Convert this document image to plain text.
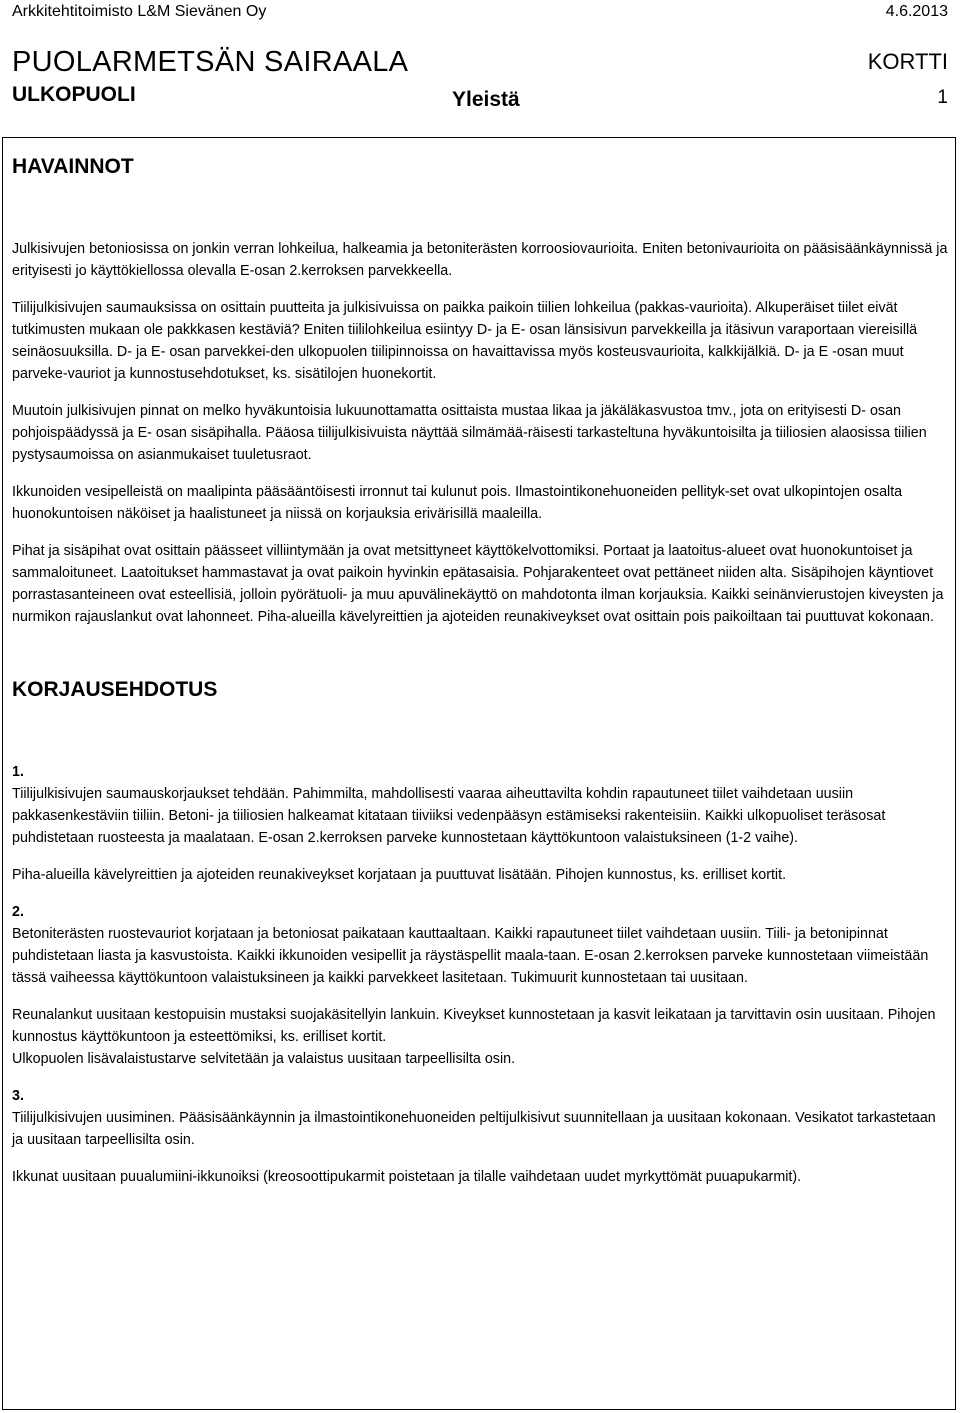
Arkkitehtitoimisto L&M Sievänen Oy	4.6.2013
PUOLARMETSÄN SAIRAALA	KORTTI
ULKOPUOLI	Yleistä	1
HAVAINNOT

Julkisivujen betoniosissa on jonkin verran lohkeilua, halkeamia ja betoniterästen korroosiovaurioita. Eniten betonivaurioita on pääsisäänkäynnissä ja erityisesti jo käyttökiellossa olevalla E-osan 2.kerroksen parvekkeella.

Tiilijulkisivujen saumauksissa on osittain puutteita ja julkisivuissa on paikka paikoin tiilien lohkeilua (pakkas-vaurioita). Alkuperäiset tiilet eivät tutkimusten mukaan ole pakkkasen kestäviä? Eniten tiililohkeilua esiintyy D- ja E- osan länsisivun parvekkeilla ja itäsivun varaportaan viereisillä seinäosuuksilla. D- ja E- osan parvekkei-den ulkopuolen tiilipinnoissa on havaittavissa myös kosteusvaurioita, kalkkijälkiä. D- ja E -osan muut parveke-vauriot ja kunnostusehdotukset, ks. sisätilojen huonekortit.

Muutoin julkisivujen pinnat on melko hyväkuntoisia lukuunottamatta osittaista mustaa likaa ja jäkäläkasvustoa tmv., jota on erityisesti D- osan pohjoispäädyssä ja E- osan sisäpihalla. Pääosa tiilijulkisivuista näyttää silmämää-räisesti tarkasteltuna hyväkuntoisilta ja tiiliosien alaosissa tiilien pystysaumoissa on asianmukaiset tuuletusraot.

Ikkunoiden vesipelleistä on maalipinta pääsääntöisesti irronnut tai kulunut pois. Ilmastointikonehuoneiden pellityk-set ovat ulkopintojen osalta huonokuntoisen näköiset ja haalistuneet ja niissä on korjauksia erivärisillä maaleilla.

Pihat ja sisäpihat ovat osittain päässeet villiintymään ja ovat metsittyneet käyttökelvottomiksi. Portaat ja laatoitus-alueet ovat huonokuntoiset ja sammaloituneet. Laatoitukset hammastavat ja ovat paikoin hyvinkin epätasaisia. Pohjarakenteet ovat pettäneet niiden alta. Sisäpihojen käyntiovet porrastasanteineen ovat esteellisiä, jolloin pyörätuoli- ja muu apuvälinekäyttö on mahdotonta ilman korjauksia. Kaikki seinänvierustojen kiveysten ja nurmikon rajauslankut ovat lahonneet. Piha-alueilla kävelyreittien ja ajoteiden reunakiveykset ovat osittain pois paikoiltaan tai puuttuvat kokonaan.

KORJAUSEHDOTUS

1.

Tiilijulkisivujen saumauskorjaukset tehdään. Pahimmilta, mahdollisesti vaaraa aiheuttavilta kohdin rapautuneet tiilet vaihdetaan uusiin pakkasenkestäviin tiiliin. Betoni- ja tiiliosien halkeamat kitataan tiiviiksi vedenpääsyn estämiseksi rakenteisiin. Kaikki ulkopuoliset teräsosat puhdistetaan ruosteesta ja maalataan. E-osan 2.kerroksen parveke kunnostetaan käyttökuntoon valaistuksineen (1-2 vaihe).

Piha-alueilla kävelyreittien ja ajoteiden reunakiveykset korjataan ja puuttuvat lisätään. Pihojen kunnostus, ks. erilliset kortit.

2.

Betoniterästen ruostevauriot korjataan ja betoniosat paikataan kauttaaltaan. Kaikki rapautuneet tiilet vaihdetaan uusiin. Tiili- ja betonipinnat puhdistetaan liasta ja kasvustoista. Kaikki ikkunoiden vesipellit ja räystäspellit maala-taan. E-osan 2.kerroksen parveke kunnostetaan viimeistään tässä vaiheessa käyttökuntoon valaistuksineen ja kaikki parvekkeet lasitetaan. Tukimuurit kunnostetaan tai uusitaan.

Reunalankut uusitaan kestopuisin mustaksi suojakäsitellyin lankuin. Kiveykset kunnostetaan ja kasvit leikataan ja tarvittavin osin uusitaan. Pihojen kunnostus käyttökuntoon ja esteettömiksi, ks. erilliset kortit.

Ulkopuolen lisävalaistustarve selvitetään ja valaistus uusitaan tarpeellisilta osin.

3.

Tiilijulkisivujen uusiminen. Pääsisäänkäynnin ja ilmastointikonehuoneiden peltijulkisivut suunnitellaan ja uusitaan kokonaan. Vesikatot tarkastetaan ja uusitaan tarpeellisilta osin.

Ikkunat uusitaan puualumiini-ikkunoiksi (kreosoottipukarmit poistetaan ja tilalle vaihdetaan uudet myrkyttömät puuapukarmit).
